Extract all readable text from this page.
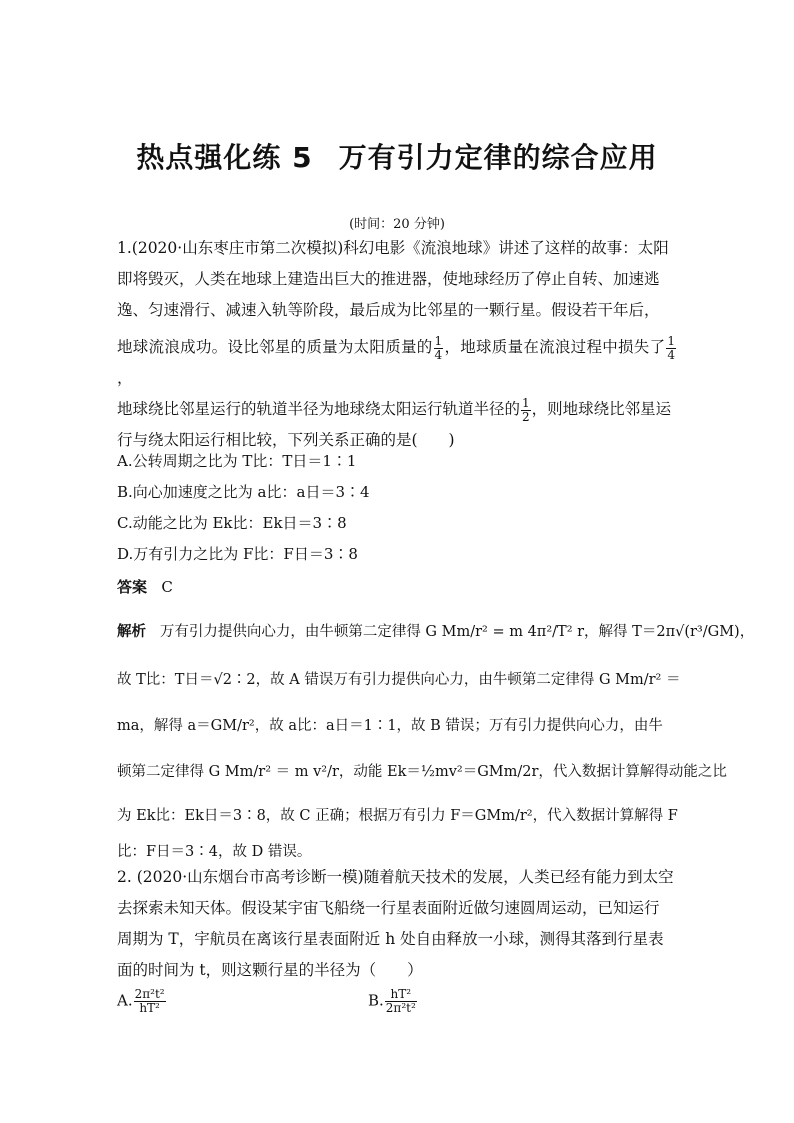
热点强化练 5 万有引力定律的综合应用
(时间：20 分钟)
1.(2020·山东枣庄市第二次模拟)科幻电影《流浪地球》讲述了这样的故事：太阳
即将毁灭，人类在地球上建造出巨大的推进器，使地球经历了停止自转、加速逃
逸、匀速滑行、减速入轨等阶段，最后成为比邻星的一颗行星。假设若干年后，
地球流浪成功。设比邻星的质量为太阳质量的 $\frac{1}{4}$ ，地球质量在流浪过程中损失了 $\frac{1}{4}$
，
地球绕比邻星运行的轨道半径为地球绕太阳运行轨道半径的 $\frac{1}{2}$ ，则地球绕比邻星运
行与绕太阳运行相比较，下列关系正确的是(　　)
A.公转周期之比为 T比：T日＝1∶1
B.向心加速度之比为 a比：a日＝3∶4
C.动能之比为 Ek比：Ek日＝3∶8
D.万有引力之比为 F比：F日＝3∶8
答案 C
解析 万有引力提供向心力，由牛顿第二定律得 G Mm/r² = m 4π²/T² r，解得 T＝2π√(r³/GM)，
故 T比：T日＝√2∶2，故 A 错误万有引力提供向心力，由牛顿第二定律得 G Mm/r² ＝
ma，解得 a＝GM/r²，故 a比：a日＝1∶1，故 B 错误；万有引力提供向心力，由牛
顿第二定律得 G Mm/r² ＝ m v²/r，动能 Ek＝½mv²＝GMm/2r，代入数据计算解得动能之比
为 Ek比：Ek日＝3∶8，故 C 正确；根据万有引力 F＝GMm/r²，代入数据计算解得 F
比：F日＝3∶4，故 D 错误。
2. (2020·山东烟台市高考诊断一模)随着航天技术的发展，人类已经有能力到太空
去探索未知天体。假设某宇宙飞船绕一行星表面附近做匀速圆周运动，已知运行
周期为 T，宇航员在离该行星表面附近 h 处自由释放一小球，测得其落到行星表
面的时间为 t，则这颗行星的半径为（　　）
A. $\frac{\text{2π²t²}}{\text{hT²}}$	B. $\frac{\text{hT²}}{\text{2π²t²}}$
